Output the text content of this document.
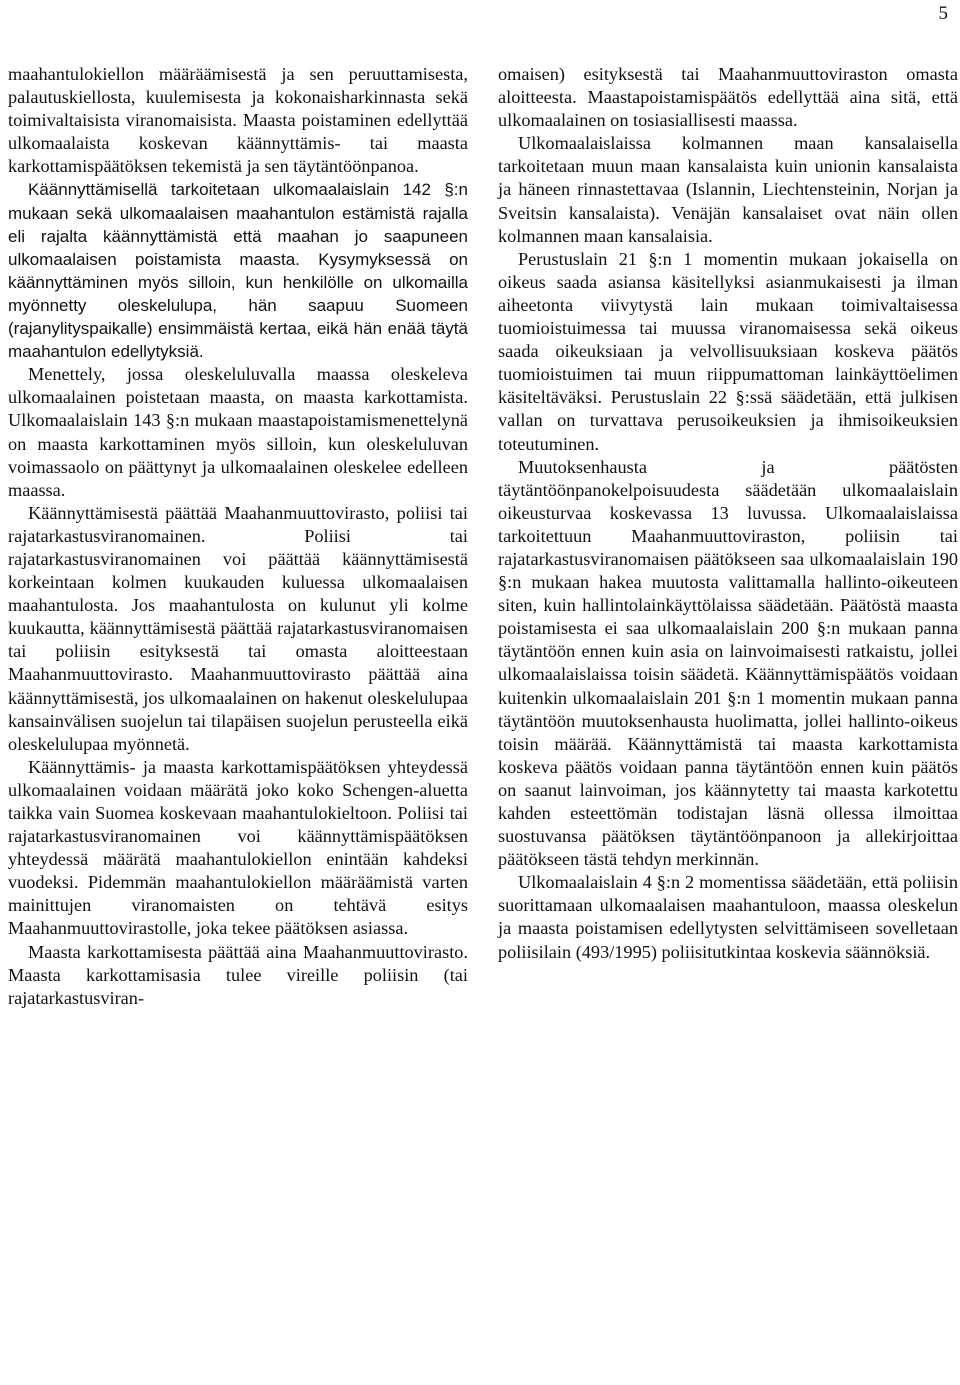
5

maahantulokiellon määräämisestä ja sen peruuttamisesta, palautuskiellosta, kuulemisesta ja kokonaisharkinnasta sekä toimivaltaisista viranomaisista. Maasta poistaminen edellyttää ulkomaalaista koskevan käännyttämis- tai maasta karkottamispäätöksen tekemistä ja sen täytäntöönpanoa.

Käännyttämisellä tarkoitetaan ulkomaalaislain 142 §:n mukaan sekä ulkomaalaisen maahantulon estämistä rajalla eli rajalta käännyttämistä että maahan jo saapuneen ulkomaalaisen poistamista maasta. Kysymyksessä on käännyttäminen myös silloin, kun henkilölle on ulkomailla myönnetty oleskelulupa, hän saapuu Suomeen (rajanylityspaikalle) ensimmäistä kertaa, eikä hän enää täytä maahantulon edellytyksiä.

Menettely, jossa oleskeluluvalla maassa oleskeleva ulkomaalainen poistetaan maasta, on maasta karkottamista. Ulkomaalaislain 143 §:n mukaan maastapoistamismenettelynä on maasta karkottaminen myös silloin, kun oleskeluluvan voimassaolo on päättynyt ja ulkomaalainen oleskelee edelleen maassa.

Käännyttämisestä päättää Maahanmuuttovirasto, poliisi tai rajatarkastusviranomainen. Poliisi tai rajatarkastusviranomainen voi päättää käännyttämisestä korkeintaan kolmen kuukauden kuluessa ulkomaalaisen maahantulosta. Jos maahantulosta on kulunut yli kolme kuukautta, käännyttämisestä päättää rajatarkastusviranomaisen tai poliisin esityksestä tai omasta aloitteestaan Maahanmuuttovirasto. Maahanmuuttovirasto päättää aina käännyttämisestä, jos ulkomaalainen on hakenut oleskelulupaa kansainvälisen suojelun tai tilapäisen suojelun perusteella eikä oleskelulupaa myönnetä.

Käännyttämis- ja maasta karkottamispäätöksen yhteydessä ulkomaalainen voidaan määrätä joko koko Schengen-aluetta taikka vain Suomea koskevaan maahantulokieltoon. Poliisi tai rajatarkastusviranomainen voi käännyttämispäätöksen yhteydessä määrätä maahantulokiellon enintään kahdeksi vuodeksi. Pidemmän maahantulokiellon määräämistä varten mainittujen viranomaisten on tehtävä esitys Maahanmuuttovirastolle, joka tekee päätöksen asiassa.

Maasta karkottamisesta päättää aina Maahanmuuttovirasto. Maasta karkottamisasia tulee vireille poliisin (tai rajatarkastusviran-

omaisen) esityksestä tai Maahanmuuttoviraston omasta aloitteesta. Maastapoistamispäätös edellyttää aina sitä, että ulkomaalainen on tosiasiallisesti maassa.

Ulkomaalaislaissa kolmannen maan kansalaisella tarkoitetaan muun maan kansalaista kuin unionin kansalaista ja häneen rinnastettavaa (Islannin, Liechtensteinin, Norjan ja Sveitsin kansalaista). Venäjän kansalaiset ovat näin ollen kolmannen maan kansalaisia.

Perustuslain 21 §:n 1 momentin mukaan jokaisella on oikeus saada asiansa käsitellyksi asianmukaisesti ja ilman aiheetonta viivytystä lain mukaan toimivaltaisessa tuomioistuimessa tai muussa viranomaisessa sekä oikeus saada oikeuksiaan ja velvollisuuksiaan koskeva päätös tuomioistuimen tai muun riippumattoman lainkäyttöelimen käsiteltäväksi. Perustuslain 22 §:ssä säädetään, että julkisen vallan on turvattava perusoikeuksien ja ihmisoikeuksien toteutuminen.

Muutoksenhausta ja päätösten täytäntöönpanokelpoisuudesta säädetään ulkomaalaislain oikeusturvaa koskevassa 13 luvussa. Ulkomaalaislaissa tarkoitettuun Maahanmuuttoviraston, poliisin tai rajatarkastusviranomaisen päätökseen saa ulkomaalaislain 190 §:n mukaan hakea muutosta valittamalla hallinto-oikeuteen siten, kuin hallintolainkäyttölaissa säädetään. Päätöstä maasta poistamisesta ei saa ulkomaalaislain 200 §:n mukaan panna täytäntöön ennen kuin asia on lainvoimaisesti ratkaistu, jollei ulkomaalaislaissa toisin säädetä. Käännyttämispäätös voidaan kuitenkin ulkomaalaislain 201 §:n 1 momentin mukaan panna täytäntöön muutoksenhausta huolimatta, jollei hallinto-oikeus toisin määrää. Käännyttämistä tai maasta karkottamista koskeva päätös voidaan panna täytäntöön ennen kuin päätös on saanut lainvoiman, jos käännytetty tai maasta karkotettu kahden esteettömän todistajan läsnä ollessa ilmoittaa suostuvansa päätöksen täytäntöönpanoon ja allekirjoittaa päätökseen tästä tehdyn merkinnän.

Ulkomaalaislain 4 §:n 2 momentissa säädetään, että poliisin suorittamaan ulkomaalaisen maahantuloon, maassa oleskelun ja maasta poistamisen edellytysten selvittämiseen sovelletaan poliisilain (493/1995) poliisitutkintaa koskevia säännöksiä.
